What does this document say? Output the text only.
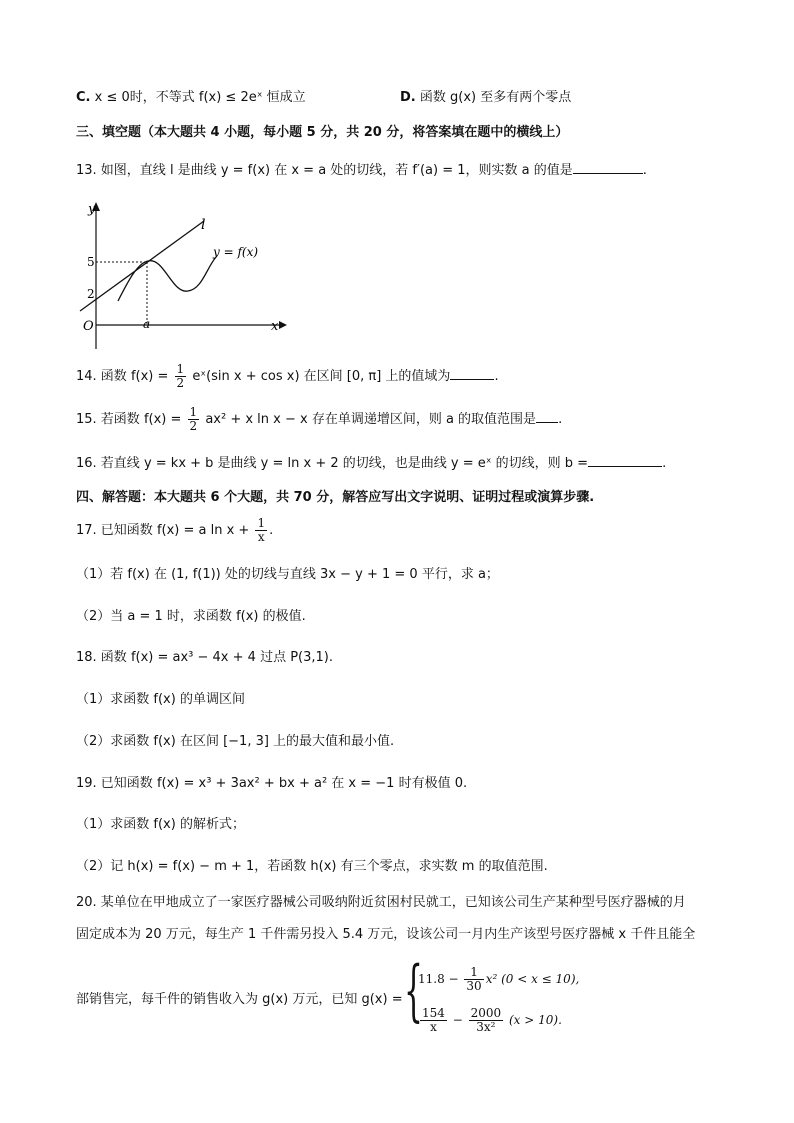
C. x ≤ 0时，不等式 f(x) ≤ 2eˣ 恒成立	D. 函数 g(x) 至多有两个零点
三、填空题（本大题共 4 小题，每小题 5 分，共 20 分，将答案填在题中的横线上）
13. 如图，直线 l 是曲线 y = f(x) 在 x = a 处的切线，若 f′(a) = 1，则实数 a 的值是	.
y
x
O
l
y = f(x)
5
2
a
14. 函数 $f(x) = \frac{1}{2}$ eˣ(sin x + cos x) 在区间 [0, π] 上的值域为	.
15. 若函数 $f(x) = \frac{1}{2} ax^2 + x$ ln x − x 存在单调递增区间，则 a 的取值范围是 .
16. 若直线 y = kx + b 是曲线 y = ln x + 2 的切线，也是曲线 y = eˣ 的切线，则 b =	.
四、解答题：本大题共 6 个大题，共 70 分，解答应写出文字说明、证明过程或演算步骤.
17. 已知函数 f(x) = a $\ln x + \frac{1}{x}$ .
（1）若 f(x) 在 (1, f(1)) 处的切线与直线 3x − y + 1 = 0 平行，求 a；
（2）当 a = 1 时，求函数 f(x) 的极值.
18. 函数 f(x) = ax³ − 4x + 4 过点 P(3,1).
（1）求函数 f(x) 的单调区间
（2）求函数 f(x) 在区间 [−1, 3] 上的最大值和最小值.
19. 已知函数 f(x) = x³ + 3ax² + bx + a² 在 x = −1 时有极值 0.
（1）求函数 f(x) 的解析式；
（2）记 h(x) = f(x) − m + 1，若函数 h(x) 有三个零点，求实数 m 的取值范围.
20. 某单位在甲地成立了一家医疗器械公司吸纳附近贫困村民就工，已知该公司生产某种型号医疗器械的月
固定成本为 20 万元，每生产 1 千件需另投入 5.4 万元，设该公司一月内生产该型号医疗器械 x 千件且能全
部销售完，每千件的销售收入为 g(x) 万元，已知 g(x) = {
$11.8 - \frac{1}{30} x^2$ (0 < x ≤ 10),
$\frac{154}{x} - \frac{2000}{\text{3x²}} (x > 10)$.
